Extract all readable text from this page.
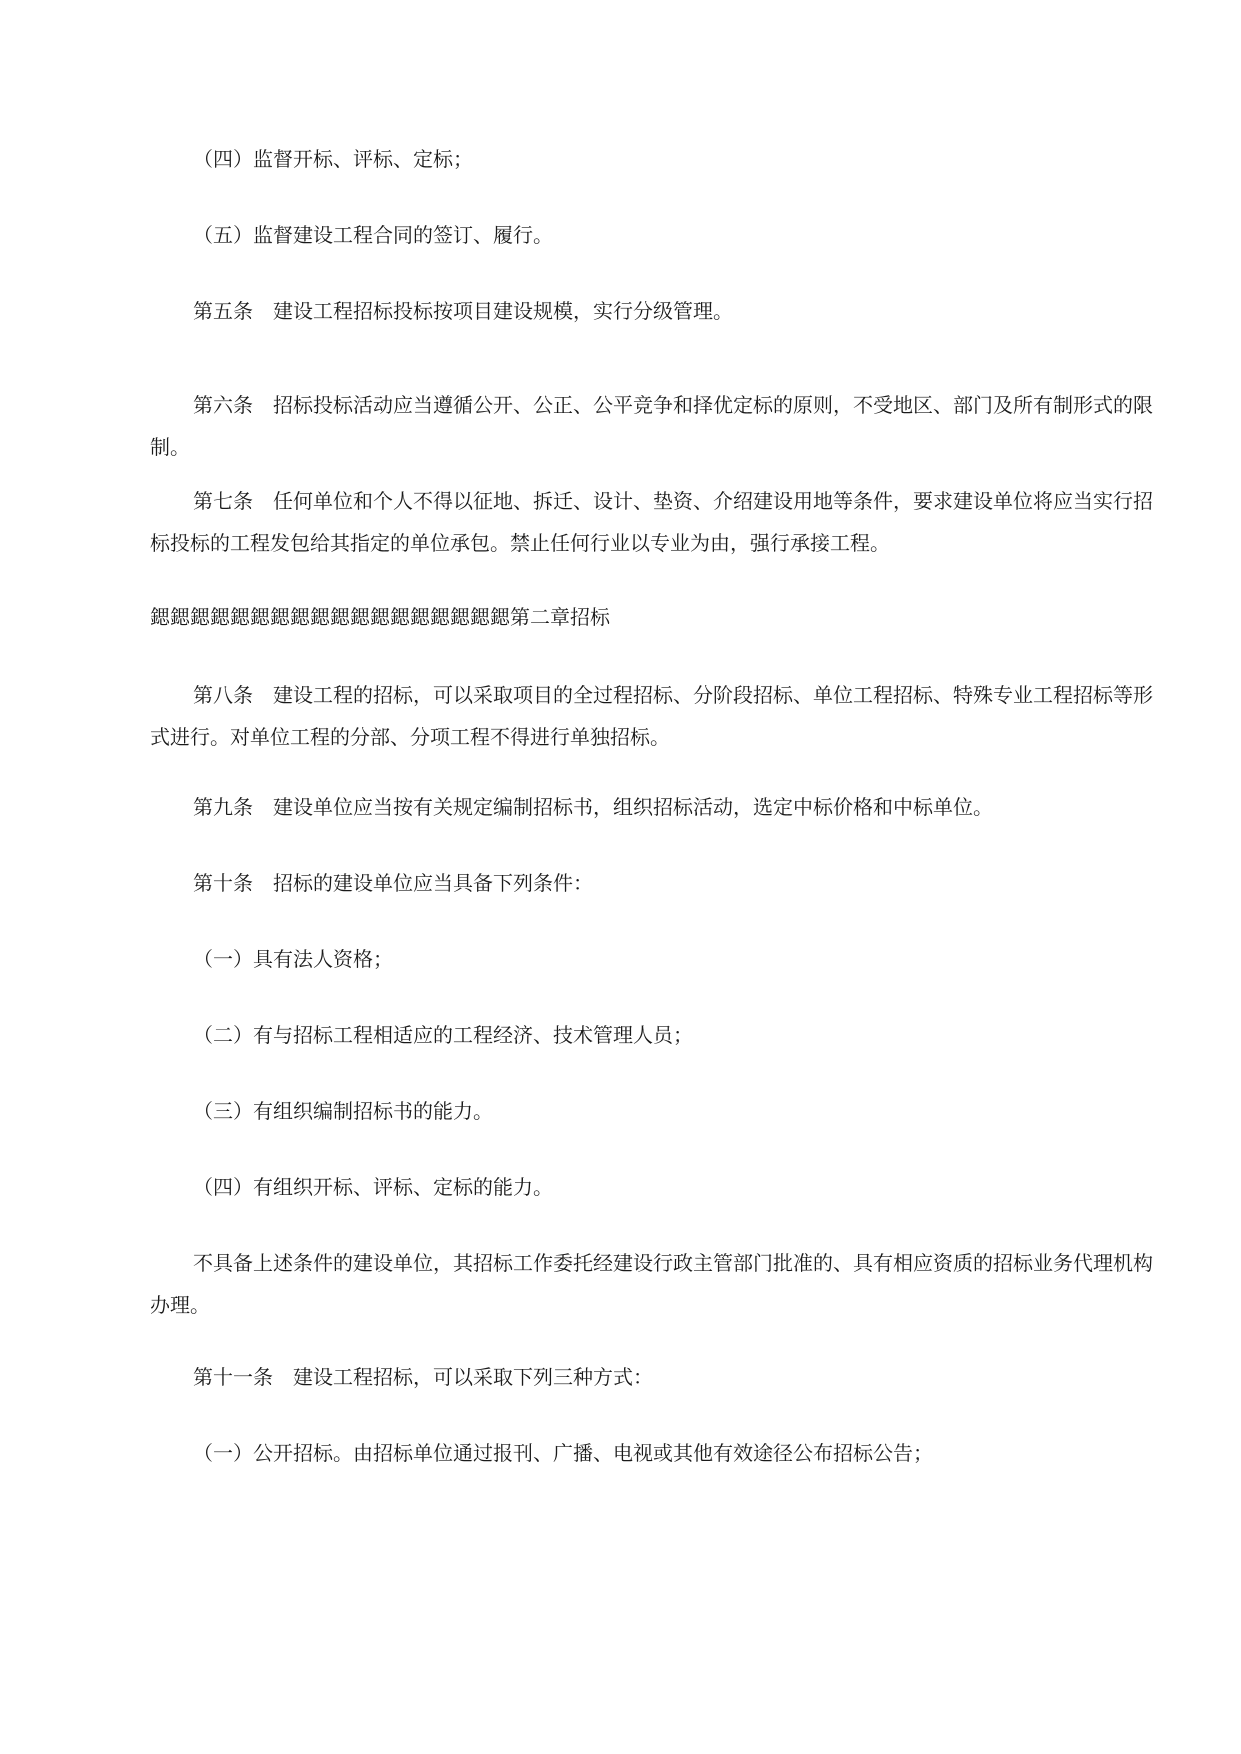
（四）监督开标、评标、定标；

（五）监督建设工程合同的签订、履行。

第五条　建设工程招标投标按项目建设规模，实行分级管理。

第六条　招标投标活动应当遵循公开、公正、公平竞争和择优定标的原则，不受地区、部门及所有制形式的限制。

第七条　任何单位和个人不得以征地、拆迁、设计、垫资、介绍建设用地等条件，要求建设单位将应当实行招标投标的工程发包给其指定的单位承包。禁止任何行业以专业为由，强行承接工程。

鍶鍶鍶鍶鍶鍶鍶鍶鍶鍶鍶鍶鍶鍶鍶鍶鍶鍶第二章招标

第八条　建设工程的招标，可以采取项目的全过程招标、分阶段招标、单位工程招标、特殊专业工程招标等形式进行。对单位工程的分部、分项工程不得进行单独招标。

第九条　建设单位应当按有关规定编制招标书，组织招标活动，选定中标价格和中标单位。

第十条　招标的建设单位应当具备下列条件：

（一）具有法人资格；

（二）有与招标工程相适应的工程经济、技术管理人员；

（三）有组织编制招标书的能力。

（四）有组织开标、评标、定标的能力。

不具备上述条件的建设单位，其招标工作委托经建设行政主管部门批准的、具有相应资质的招标业务代理机构办理。

第十一条　建设工程招标，可以采取下列三种方式：

（一）公开招标。由招标单位通过报刊、广播、电视或其他有效途径公布招标公告；
